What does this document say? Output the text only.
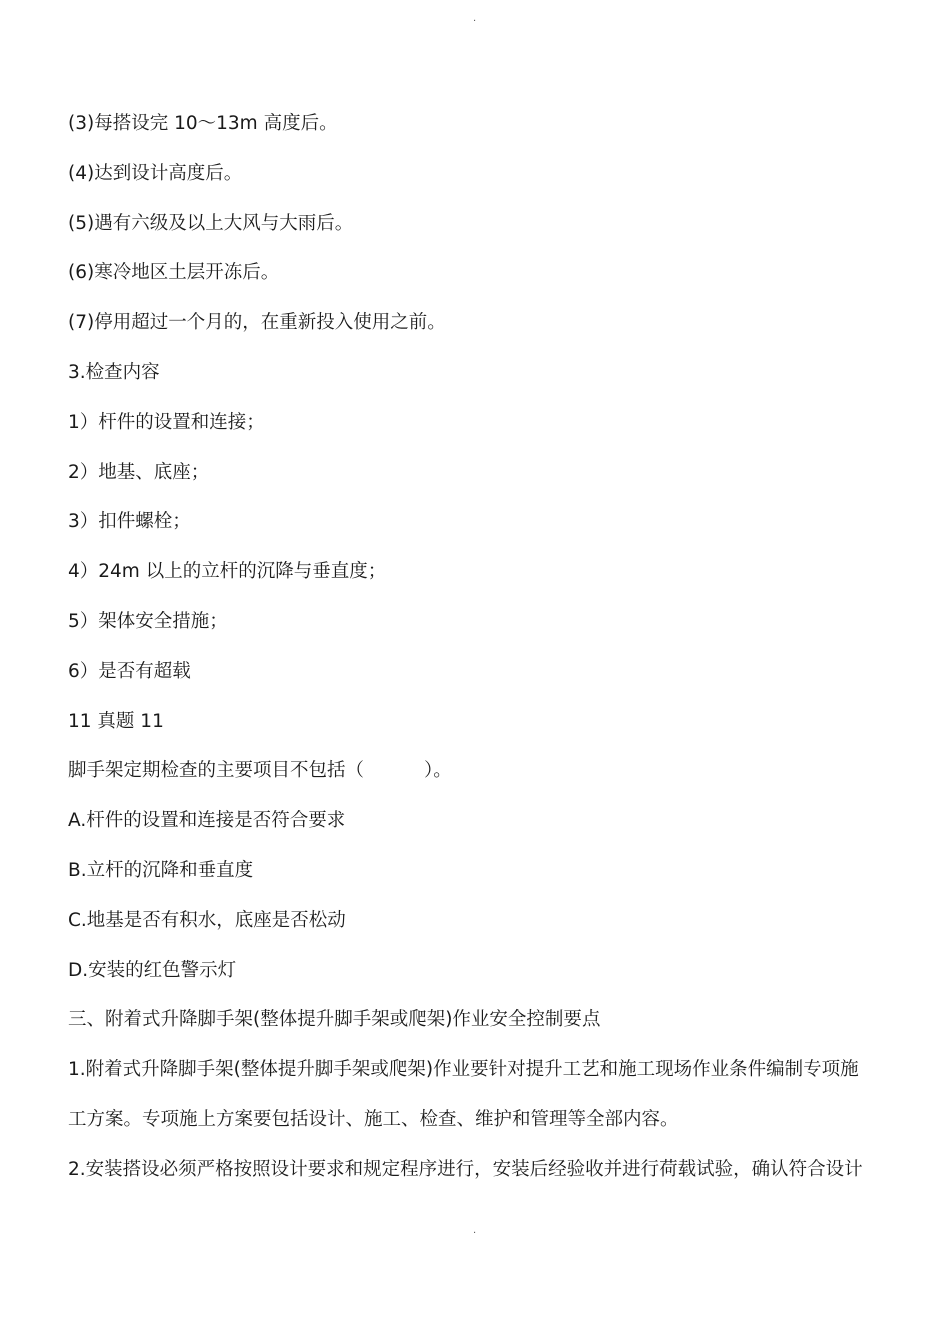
.
(3)每搭设完 10～13m 高度后。
(4)达到设计高度后。
(5)遇有六级及以上大风与大雨后。
(6)寒冷地区土层开冻后。
(7)停用超过一个月的，在重新投入使用之前。
3.检查内容
1）杆件的设置和连接；
2）地基、底座；
3）扣件螺栓；
4）24m 以上的立杆的沉降与垂直度；
5）架体安全措施；
6）是否有超载
11 真题 11
脚手架定期检查的主要项目不包括（	）。
A.杆件的设置和连接是否符合要求
B.立杆的沉降和垂直度
C.地基是否有积水，底座是否松动
D.安装的红色警示灯
三、附着式升降脚手架(整体提升脚手架或爬架)作业安全控制要点
1.附着式升降脚手架(整体提升脚手架或爬架)作业要针对提升工艺和施工现场作业条件编制专项施
工方案。专项施上方案要包括设计、施工、检查、维护和管理等全部内容。
2.安装搭设必须严格按照设计要求和规定程序进行，安装后经验收并进行荷载试验，确认符合设计
.
